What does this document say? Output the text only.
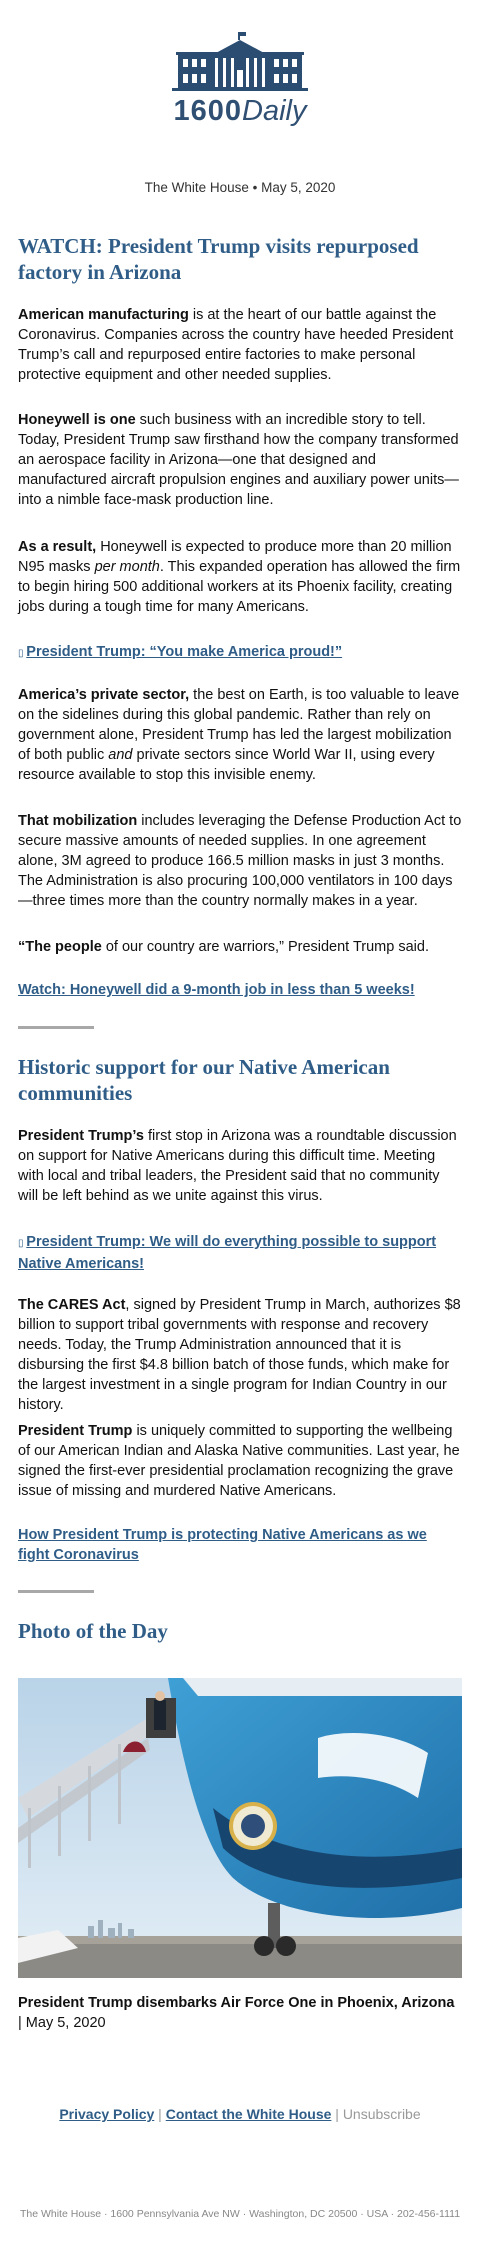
1600Daily
The White House • May 5, 2020
WATCH: President Trump visits repurposed factory in Arizona

American manufacturing is at the heart of our battle against the Coronavirus. Companies across the country have heeded President Trump’s call and repurposed entire factories to make personal protective equipment and other needed supplies.

Honeywell is one such business with an incredible story to tell. Today, President Trump saw firsthand how the company transformed an aerospace facility in Arizona—one that designed and manufactured aircraft propulsion engines and auxiliary power units—into a nimble face-mask production line.

As a result, Honeywell is expected to produce more than 20 million N95 masks per month. This expanded operation has allowed the firm to begin hiring 500 additional workers at its Phoenix facility, creating jobs during a tough time for many Americans.

▯ President Trump: “You make America proud!”

America’s private sector, the best on Earth, is too valuable to leave on the sidelines during this global pandemic. Rather than rely on government alone, President Trump has led the largest mobilization of both public and private sectors since World War II, using every resource available to stop this invisible enemy.

That mobilization includes leveraging the Defense Production Act to secure massive amounts of needed supplies. In one agreement alone, 3M agreed to produce 166.5 million masks in just 3 months. The Administration is also procuring 100,000 ventilators in 100 days—three times more than the country normally makes in a year.

“The people of our country are warriors,” President Trump said.

Watch: Honeywell did a 9-month job in less than 5 weeks!

Historic support for our Native American communities

President Trump’s first stop in Arizona was a roundtable discussion on support for Native Americans during this difficult time. Meeting with local and tribal leaders, the President said that no community will be left behind as we unite against this virus.

▯ President Trump: We will do everything possible to support Native Americans!

The CARES Act, signed by President Trump in March, authorizes $8 billion to support tribal governments with response and recovery needs. Today, the Trump Administration announced that it is disbursing the first $4.8 billion batch of those funds, which make for the largest investment in a single program for Indian Country in our history.

President Trump is uniquely committed to supporting the wellbeing of our American Indian and Alaska Native communities. Last year, he signed the first-ever presidential proclamation recognizing the grave issue of missing and murdered Native Americans.

How President Trump is protecting Native Americans as we fight Coronavirus

Photo of the Day

President Trump disembarks Air Force One in Phoenix, Arizona | May 5, 2020

Privacy Policy | Contact the White House | Unsubscribe
The White House · 1600 Pennsylvania Ave NW · Washington, DC 20500 · USA · 202-456-1111
